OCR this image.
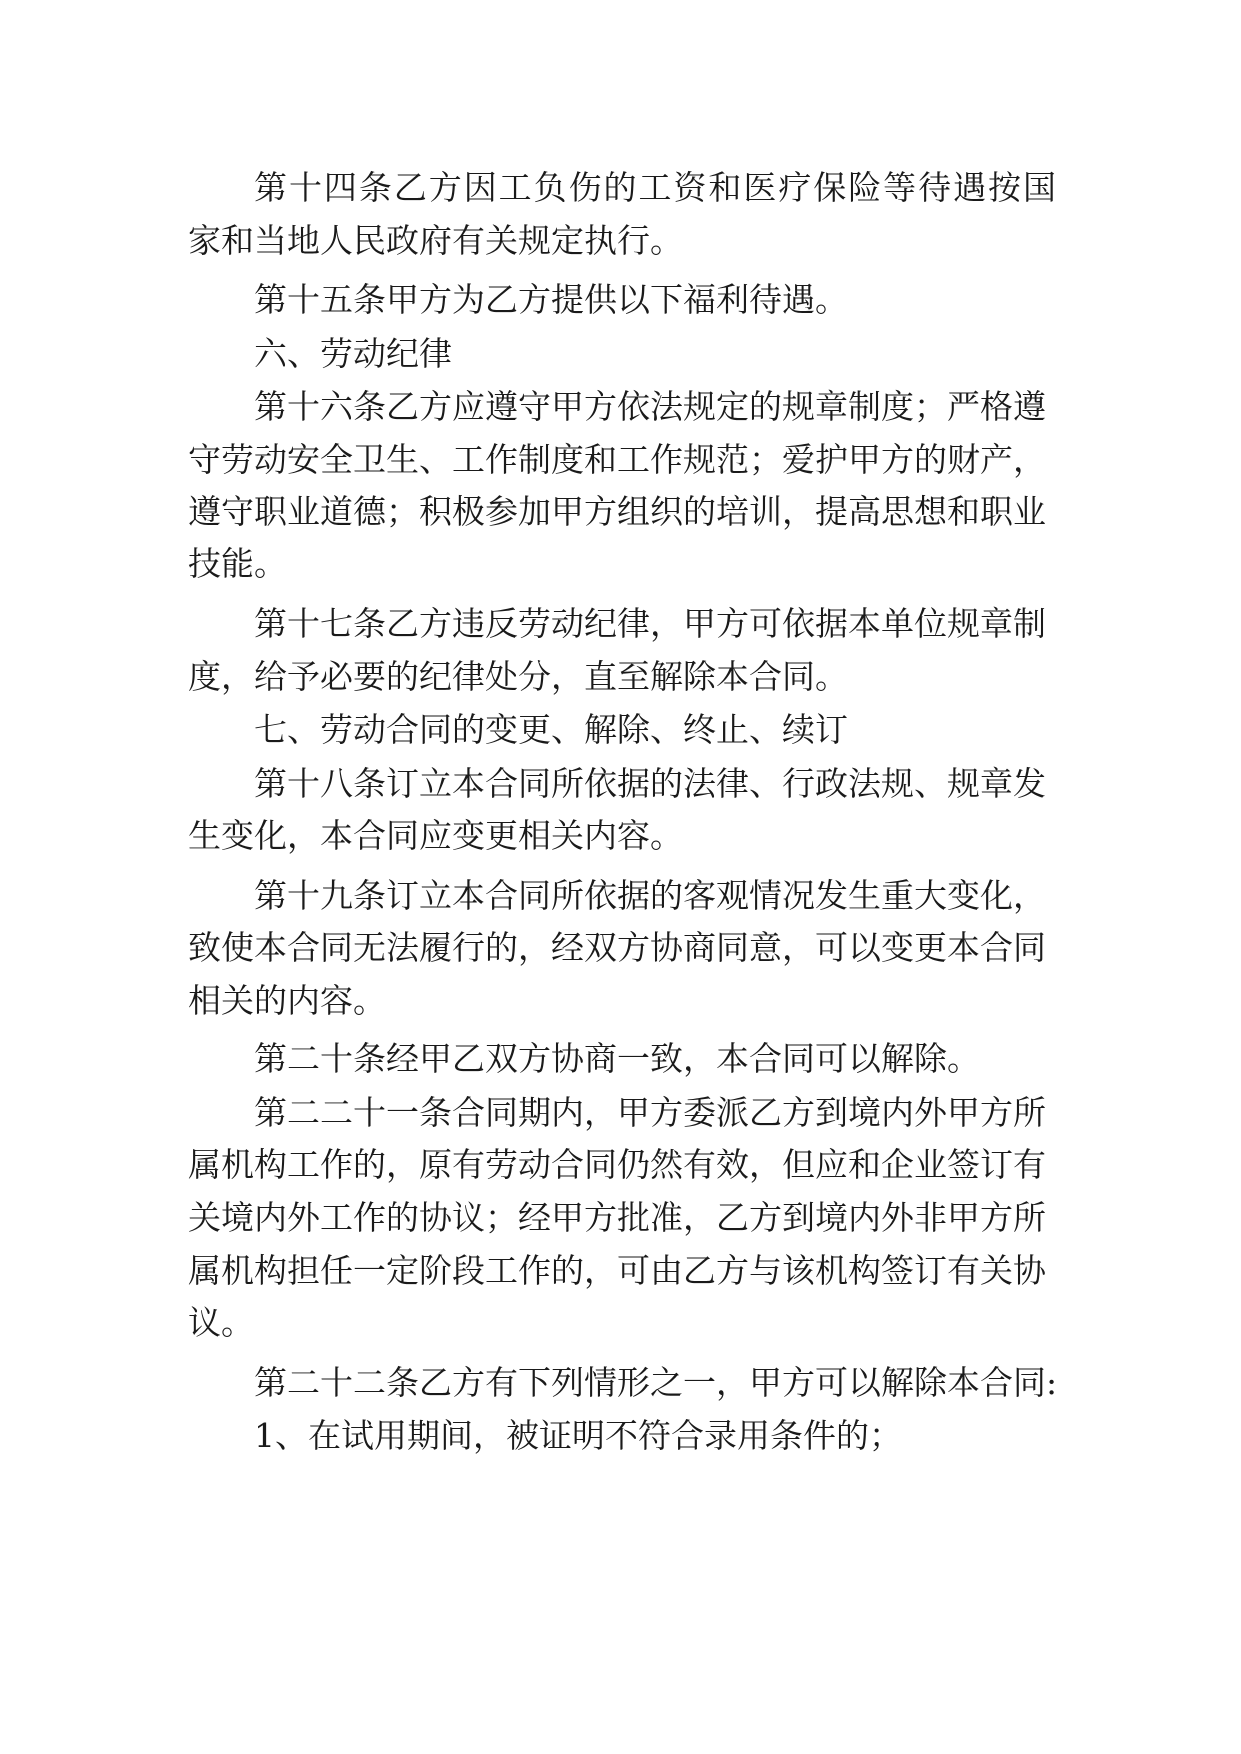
第十四条乙方因工负伤的工资和医疗保险等待遇按国
家和当地人民政府有关规定执行。
第十五条甲方为乙方提供以下福利待遇。
六、劳动纪律
第十六条乙方应遵守甲方依法规定的规章制度；严格遵
守劳动安全卫生、工作制度和工作规范；爱护甲方的财产，
遵守职业道德；积极参加甲方组织的培训，提高思想和职业
技能。
第十七条乙方违反劳动纪律，甲方可依据本单位规章制
度，给予必要的纪律处分，直至解除本合同。
七、劳动合同的变更、解除、终止、续订
第十八条订立本合同所依据的法律、行政法规、规章发
生变化，本合同应变更相关内容。
第十九条订立本合同所依据的客观情况发生重大变化，
致使本合同无法履行的，经双方协商同意，可以变更本合同
相关的内容。
第二十条经甲乙双方协商一致，本合同可以解除。
第二二十一条合同期内，甲方委派乙方到境内外甲方所
属机构工作的，原有劳动合同仍然有效，但应和企业签订有
关境内外工作的协议；经甲方批准，乙方到境内外非甲方所
属机构担任一定阶段工作的，可由乙方与该机构签订有关协
议。
第二十二条乙方有下列情形之一，甲方可以解除本合同:
1、在试用期间，被证明不符合录用条件的；
